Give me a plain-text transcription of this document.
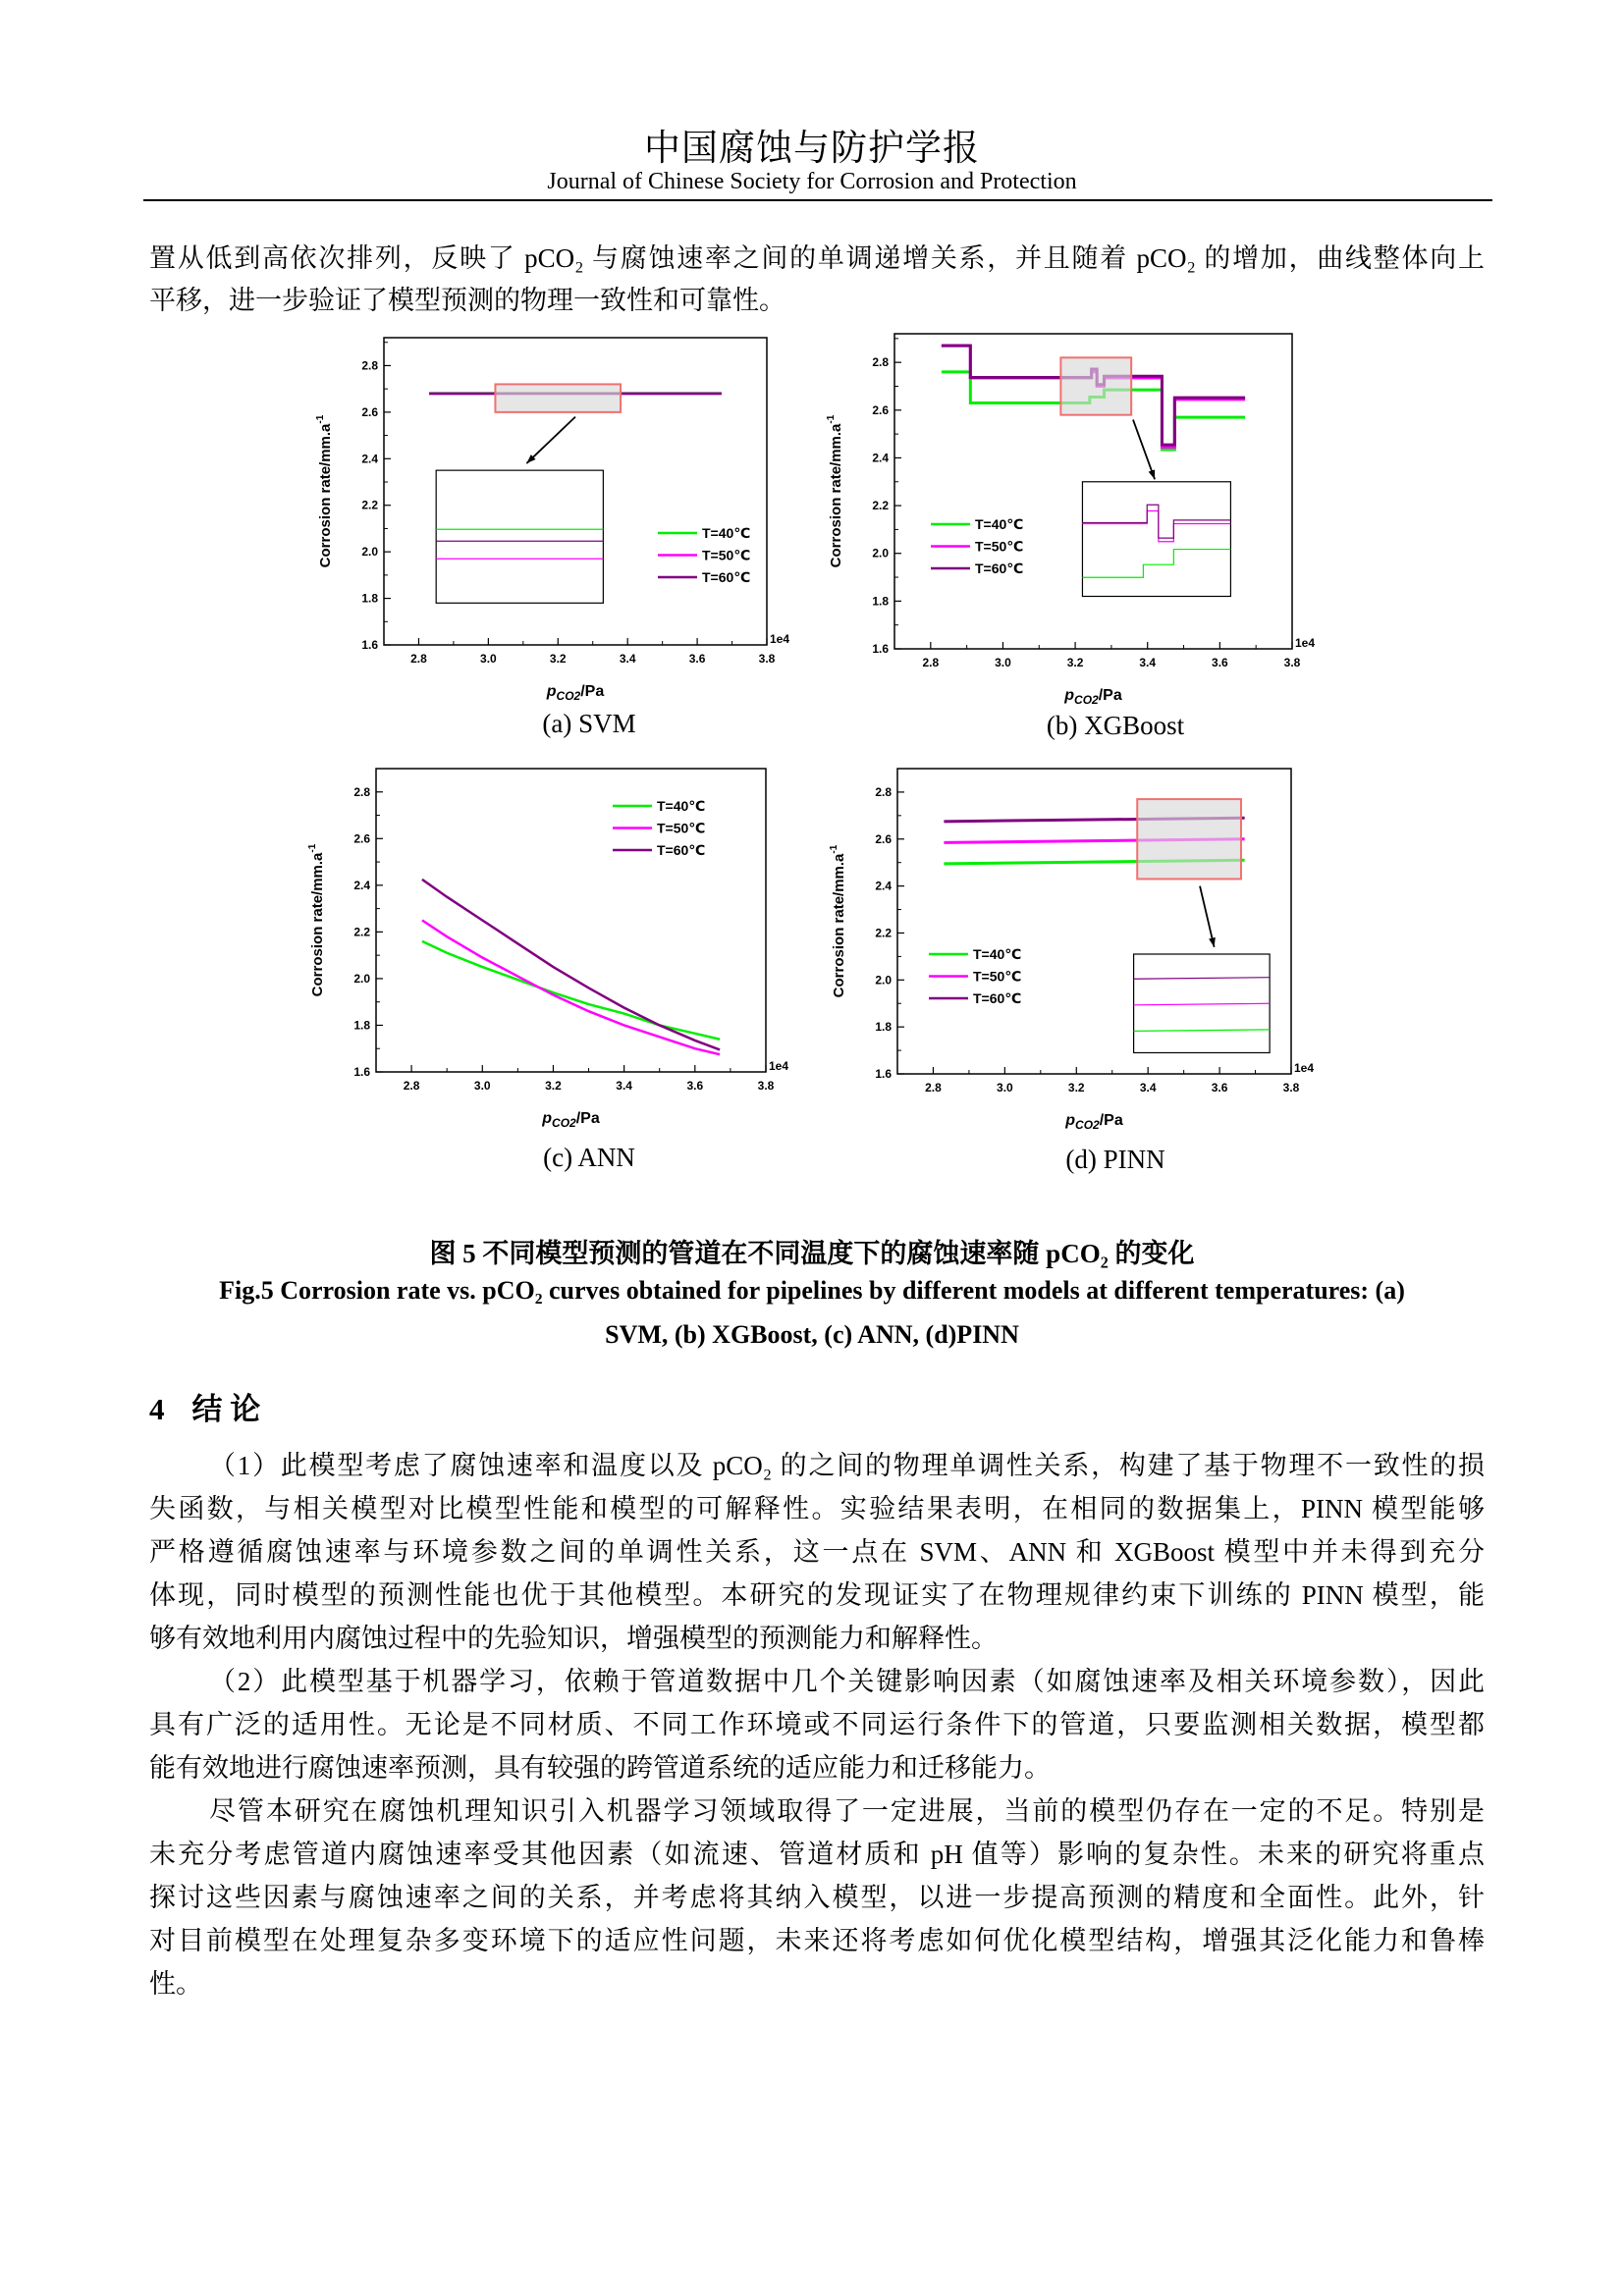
中国腐蚀与防护学报
Journal of Chinese Society for Corrosion and Protection
置从低到高依次排列，反映了 pCO₂ 与腐蚀速率之间的单调递增关系，并且随着 pCO₂ 的增加，曲线整体向上
平移，进一步验证了模型预测的物理一致性和可靠性。
2.8	3.0	3.2	3.4	3.6	3.8
1.6
1.8
2.0
2.2
2.4
2.6
2.8
1e4
$p_{CO2}/Pa$
Corrosion rate/$mm.a^{-1}$
T=40℃
T=50℃
T=60℃
2.8	3.0	3.2	3.4	3.6	3.8
1.6
1.8
2.0
2.2
2.4
2.6
2.8
1e4
$p_{CO2}/Pa$
Corrosion rate/$mm.a^{-1}$
T=40℃
T=50℃
T=60℃
2.8	3.0	3.2	3.4	3.6	3.8
1.6
1.8
2.0
2.2
2.4
2.6
2.8
1e4
$p_{CO2}/Pa$
Corrosion rate/$mm.a^{-1}$
T=40℃
T=50℃
T=60℃
2.8	3.0	3.2	3.4	3.6	3.8
1.6
1.8
2.0
2.2
2.4
2.6
2.8
1e4
$p_{CO2}/Pa$
Corrosion rate/$mm.a^{-1}$
T=40℃
T=50℃
T=60℃
(a) SVM	(b) XGBoost
(c) ANN	(d) PINN
图 5 不同模型预测的管道在不同温度下的腐蚀速率随 pCO₂ 的变化
Fig.5 Corrosion rate vs. pCO₂ curves obtained for pipelines by different models at different temperatures: (a)
SVM, (b) XGBoost, (c) ANN, (d)PINN
4 结 论
（1）此模型考虑了腐蚀速率和温度以及 pCO₂ 的之间的物理单调性关系，构建了基于物理不一致性的损
失函数，与相关模型对比模型性能和模型的可解释性。实验结果表明，在相同的数据集上，PINN 模型能够
严格遵循腐蚀速率与环境参数之间的单调性关系，这一点在 SVM、ANN 和 XGBoost 模型中并未得到充分
体现，同时模型的预测性能也优于其他模型。本研究的发现证实了在物理规律约束下训练的 PINN 模型，能
够有效地利用内腐蚀过程中的先验知识，增强模型的预测能力和解释性。
（2）此模型基于机器学习，依赖于管道数据中几个关键影响因素（如腐蚀速率及相关环境参数），因此
具有广泛的适用性。无论是不同材质、不同工作环境或不同运行条件下的管道，只要监测相关数据，模型都
能有效地进行腐蚀速率预测，具有较强的跨管道系统的适应能力和迁移能力。
尽管本研究在腐蚀机理知识引入机器学习领域取得了一定进展，当前的模型仍存在一定的不足。特别是
未充分考虑管道内腐蚀速率受其他因素（如流速、管道材质和 pH 值等）影响的复杂性。未来的研究将重点
探讨这些因素与腐蚀速率之间的关系，并考虑将其纳入模型，以进一步提高预测的精度和全面性。此外，针
对目前模型在处理复杂多变环境下的适应性问题，未来还将考虑如何优化模型结构，增强其泛化能力和鲁棒
性。
